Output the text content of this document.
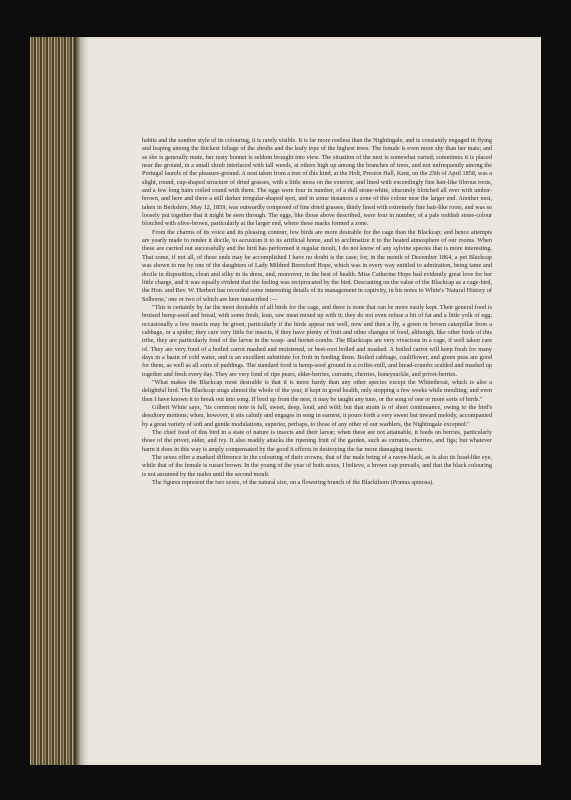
habits and the sombre style of its colouring, it is rarely visible. It is far more restless than the Nightingale, and is constantly engaged in flying and leaping among the thickest foliage of the shrubs and the leafy tops of the highest trees. The female is even more shy than her mate; and as she is generally mute, her rusty bonnet is seldom brought into view. The situation of the nest is somewhat varied; sometimes it is placed near the ground, in a small shrub interlaced with tall weeds, at others high up among the branches of trees, and not unfrequently among the Portugal laurels of the pleasure-ground. A nest taken from a tree of this kind, at the Holt, Preston Hall, Kent, on the 25th of April 1858, was a slight, round, cup-shaped structure of dried grasses, with a little moss on the exterior, and lined with exceedingly fine hair-like fibrous roots, and a few long hairs coiled round with them. The eggs were four in number, of a dull stone-white, obscurely blotched all over with umber-brown, and here and there a still darker irregular-shaped spot, and in some instances a zone of this colour near the larger end. Another nest, taken in Berkshire, May 12, 1859, was outwardly composed of fine dried grasses, thinly lined with extremely fine hair-like roots, and was so loosely put together that it might be seen through. The eggs, like those above described, were four in number, of a pale reddish stone-colour blotched with olive-brown, particularly at the larger end, where these marks formed a zone.

From the charms of its voice and its pleasing contour, few birds are more desirable for the cage than the Blackcap; and hence attempts are yearly made to render it docile, to accustom it to its artificial home, and to acclimatize it to the heated atmosphere of our rooms. When these are carried out successfully and the bird has performed it regular moult, I do not know of any sylvine species that is more interesting. That some, if not all, of these ends may be accomplished I have no doubt is the case; for, in the month of December 1864, a pet Blackcap was shown to me by one of the daughters of Lady Mildred Beresford Hope, which was in every way entitled to admiration, being tame and docile in disposition, clean and silky in its dress, and, moreover, in the best of health. Miss Catherine Hope had evidently great love for her little charge, and it was equally evident that the feeling was reciprocated by the bird. Descanting on the value of the Blackcap as a cage-bird, the Hon. and Rev. W. Herbert has recorded some interesting details of its management in captivity, in his notes to White's 'Natural History of Selborne,' one or two of which are here transcribed :—

"This is certainly by far the most desirable of all birds for the cage, and there is none that can be more easily kept. Their general food is bruised hemp-seed and bread, with some fresh, lean, raw meat mixed up with it; they do not even refuse a bit of fat and a little yolk of egg; occasionally a few insects may be given, particularly if the birds appear not well, now and then a fly, a green or brown caterpillar from a cabbage, or a spider; they care very little for insects, if they have plenty of fruit and other changes of food, although, like other birds of this tribe, they are particularly fond of the larvæ in the wasp- and hornet-combs. The Blackcaps are very vivacious in a cage, if well taken care of. They are very fond of a boiled carrot mashed and moistened, or beet-root boiled and mashed. A boiled carrot will keep fresh for many days in a basin of cold water, and is an excellent substitute for fruit in feeding them. Boiled cabbage, cauliflower, and green peas are good for them, as well as all sorts of puddings. The standard food is hemp-seed ground in a coffee-mill, and bread-crumbs scalded and mashed up together and fresh every day. They are very fond of ripe pears, elder-berries, currants, cherries, honeysuckle, and privet-berries.

"What makes the Blackcap most desirable is that it is more hardy than any other species except the Whitethroat, which is also a delightful bird. The Blackcap sings almost the whole of the year, if kept in good health, only stopping a few weeks while moulting; and even then I have known it to break out into song. If bred up from the nest, it may be taught any tune, or the song of one or more sorts of birds."

Gilbert White says, "its common note is full, sweet, deep, loud, and wild; but that strain is of short continuance, owing to the bird's desultory motions; when, however, it sits calmly and engages in song in earnest, it pours forth a very sweet but inward melody, accompanied by a great variety of soft and gentle modulations, superior, perhaps, to those of any other of our warblers, the Nightingale excepted."

The chief food of this bird in a state of nature is insects and their larvæ; when these are not attainable, it feeds on berries, particularly those of the privet, elder, and ivy. It also readily attacks the ripening fruit of the garden, such as currants, cherries, and figs; but whatever harm it does in this way is amply compensated by the good it effects in destroying the far more damaging insects.

The sexes offer a marked difference in the colouring of their crowns, that of the male being of a raven-black, as is also its head-like eye, while that of the female is russet brown. In the young of the year of both sexes, I believe, a brown cap prevails, and that the black colouring is not assumed by the males until the second moult.

The figures represent the two sexes, of the natural size, on a flowering branch of the Blackthorn (Prunus spinosa).
